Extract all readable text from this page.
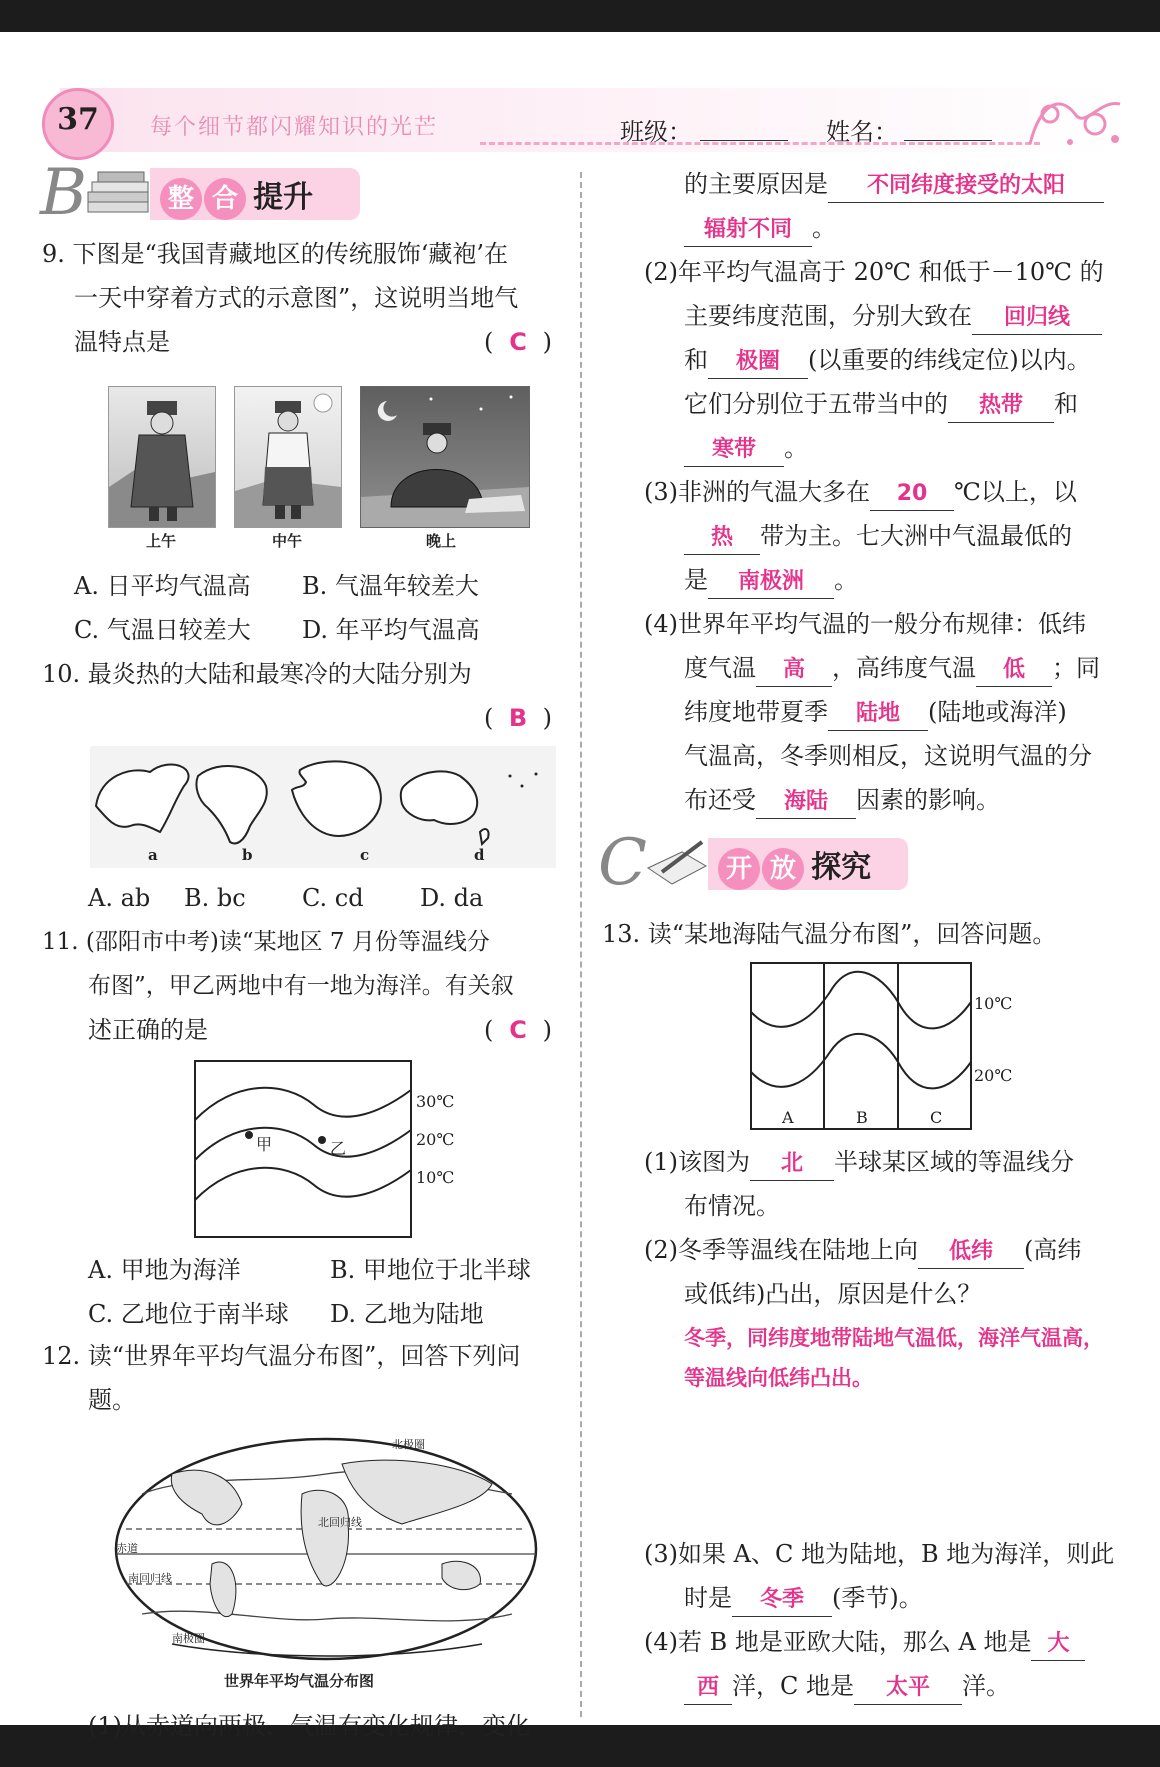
37	每个细节都闪耀知识的光芒	班级：	姓名：
B	整 合 提升
9. 下图是“我国青藏地区的传统服饰‘藏袍’在
一天中穿着方式的示意图”，这说明当地气
温特点是	( C )
上午	中午	晚上
A. 日平均气温高 B. 气温年较差大
C. 气温日较差大 D. 年平均气温高
10. 最炎热的大陆和最寒冷的大陆分别为
( B )
a	b	c	d
A. ab B. bc C. cd D. da
11. (邵阳市中考)读“某地区 7 月份等温线分
布图”，甲乙两地中有一地为海洋。有关叙
述正确的是	( C )
30℃
20℃
10℃
甲	乙
A. 甲地为海洋	B. 甲地位于北半球
C. 乙地位于南半球 D. 乙地为陆地
12. 读“世界年平均气温分布图”，回答下列问
题。
北极圈
北回归线
赤道
南回归线
南极圈
世界年平均气温分布图
(1)从赤道向两极，气温有变化规律，变化
的主要原因是 不同纬度接受的太阳
辐射不同 。
(2)年平均气温高于 20℃ 和低于－10℃ 的
主要纬度范围，分别大致在 回归线
和 极圈 (以重要的纬线定位)以内。
它们分别位于五带当中的 热带 和
寒带 。
(3)非洲的气温大多在 20 ℃以上，以
热 带为主。七大洲中气温最低的
是 南极洲 。
(4)世界年平均气温的一般分布规律：低纬
度气温 高 ，高纬度气温 低 ；同
纬度地带夏季 陆地 (陆地或海洋)
气温高，冬季则相反，这说明气温的分
布还受 海陆 因素的影响。
C	开 放 探究
13. 读“某地海陆气温分布图”，回答问题。
10℃
20℃
A	B	C
(1)该图为 北 半球某区域的等温线分
布情况。
(2)冬季等温线在陆地上向 低纬 (高纬
或低纬)凸出，原因是什么？
冬季，同纬度地带陆地气温低，海洋气温高，
等温线向低纬凸出。
(3)如果 A、C 地为陆地，B 地为海洋，则此
时是 冬季 (季节)。
(4)若 B 地是亚欧大陆，那么 A 地是 大
西 洋，C 地是 太平 洋。
